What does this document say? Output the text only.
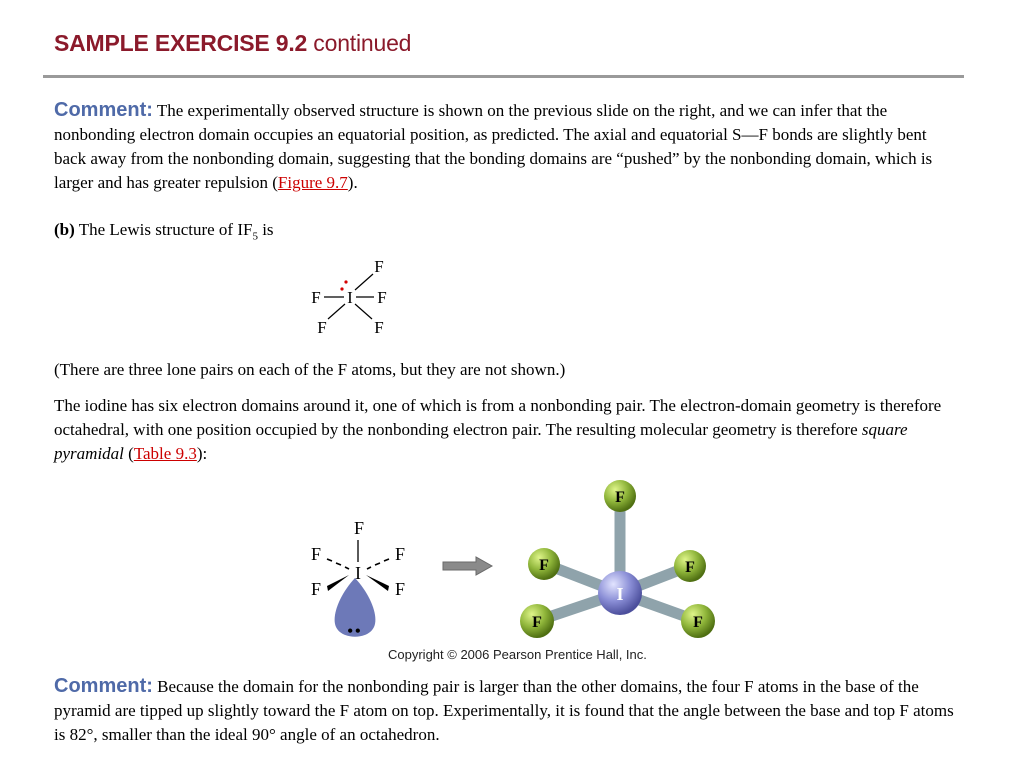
SAMPLE EXERCISE 9.2 continued

Comment: The experimentally observed structure is shown on the previous slide on the right, and we can infer that the nonbonding electron domain occupies an equatorial position, as predicted. The axial and equatorial S—F bonds are slightly bent back away from the nonbonding domain, suggesting that the bonding domains are “pushed” by the nonbonding domain, which is larger and has greater repulsion (Figure 9.7).

(b) The Lewis structure of $IF_5$ is

I
F
F	F
F	F

(There are three lone pairs on each of the F atoms, but they are not shown.)

The iodine has six electron domains around it, one of which is from a nonbonding pair. The electron-domain geometry is therefore octahedral, with one position occupied by the nonbonding electron pair. The resulting molecular geometry is therefore square pyramidal (Table 9.3):

••
I
F
F	F
F	F
F
F	F
I
F	F
Copyright © 2006 Pearson Prentice Hall, Inc.

Comment: Because the domain for the nonbonding pair is larger than the other domains, the four F atoms in the base of the pyramid are tipped up slightly toward the F atom on top. Experimentally, it is found that the angle between the base and top F atoms is 82°, smaller than the ideal 90° angle of an octahedron.
